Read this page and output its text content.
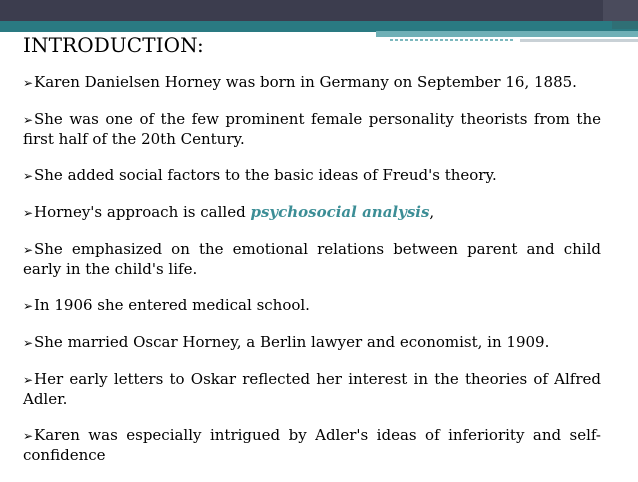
INTRODUCTION:
➢Karen Danielsen Horney was born in Germany on September 16, 1885.
➢She was one of the few prominent female personality theorists from the first half of the 20th Century.
➢She added social factors to the basic ideas of Freud's theory.
➢Horney's approach is called psychosocial analysis,
➢She emphasized on the emotional relations between parent and child early in the child's life.
➢In 1906 she entered medical school.
➢She married Oscar Horney, a Berlin lawyer and economist, in 1909.
➢Her early letters to Oskar reflected her interest in the theories of Alfred Adler.
➢Karen was especially intrigued by Adler's ideas of inferiority and self-confidence
